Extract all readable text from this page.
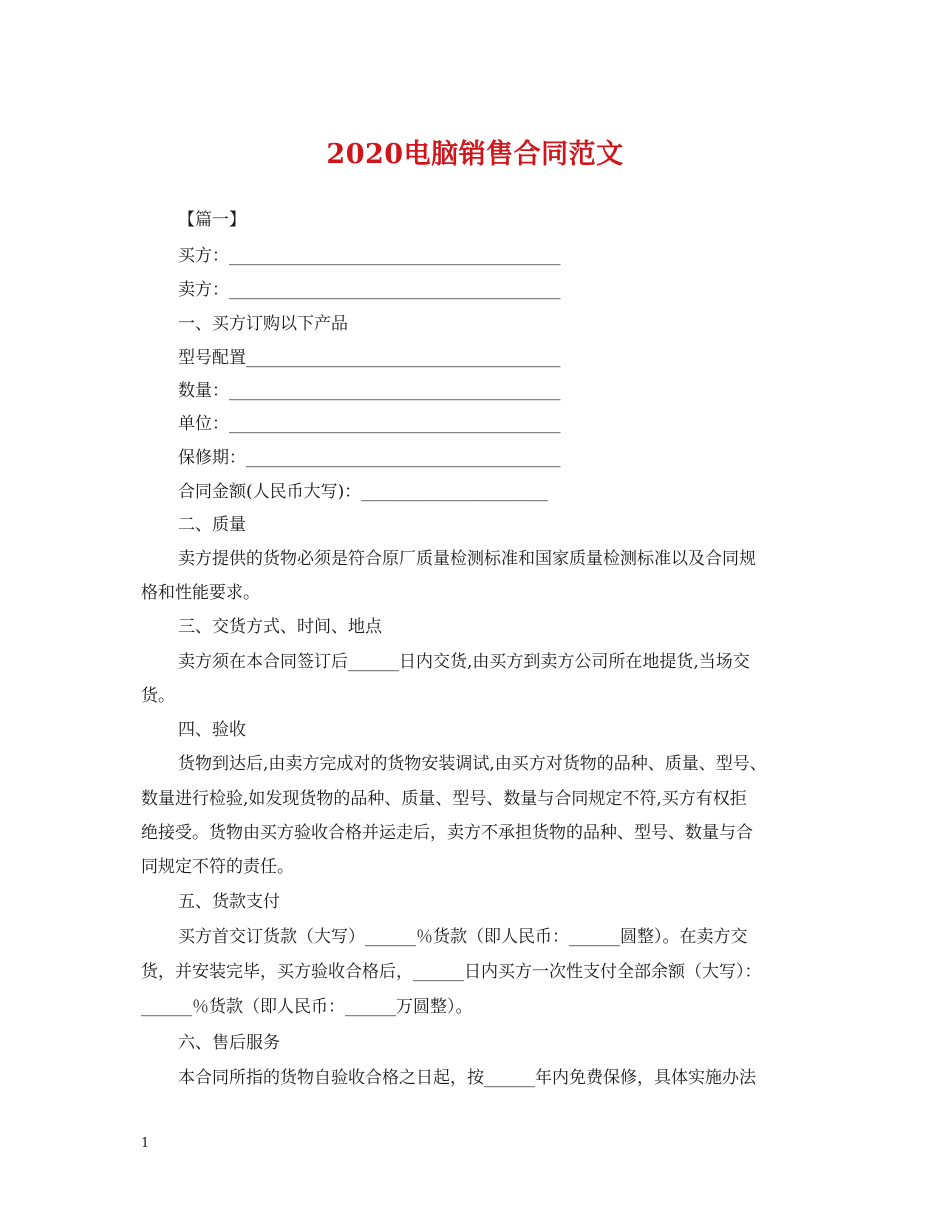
2020电脑销售合同范文
【篇一】
买方：_______________________________________
卖方：_______________________________________
一、买方订购以下产品
型号配置_____________________________________
数量：_______________________________________
单位：_______________________________________
保修期：_____________________________________
合同金额(人民币大写)：______________________
二、质量
卖方提供的货物必须是符合原厂质量检测标准和国家质量检测标准以及合同规
格和性能要求。
三、交货方式、时间、地点
卖方须在本合同签订后______日内交货,由买方到卖方公司所在地提货,当场交
货。
四、验收
货物到达后,由卖方完成对的货物安装调试,由买方对货物的品种、质量、型号、
数量进行检验,如发现货物的品种、质量、型号、数量与合同规定不符,买方有权拒
绝接受。货物由买方验收合格并运走后，卖方不承担货物的品种、型号、数量与合
同规定不符的责任。
五、货款支付
买方首交订货款（大写）______％货款（即人民币：______圆整）。在卖方交
货，并安装完毕，买方验收合格后，______日内买方一次性支付全部余额（大写）：
______％货款（即人民币：______万圆整）。
六、售后服务
本合同所指的货物自验收合格之日起，按______年内免费保修，具体实施办法
1
